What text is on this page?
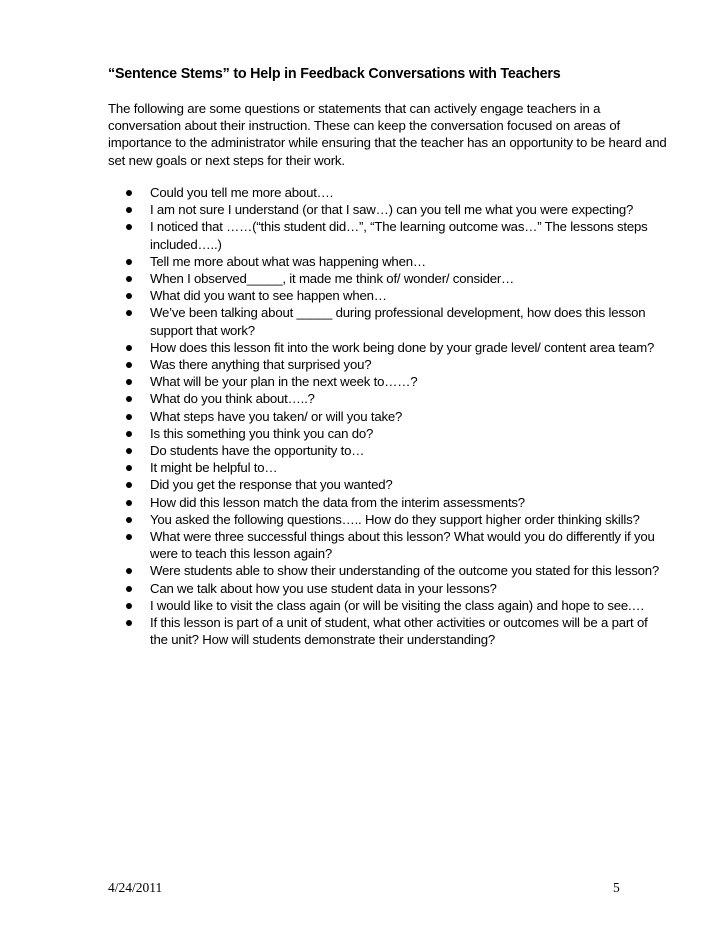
“Sentence Stems” to Help in Feedback Conversations with Teachers
The following are some questions or statements that can actively engage teachers in a
conversation about their instruction. These can keep the conversation focused on areas of
importance to the administrator while ensuring that the teacher has an opportunity to be heard and
set new goals or next steps for their work.
Could you tell me more about….
I am not sure I understand (or that I saw…) can you tell me what you were expecting?
I noticed that ……(“this student did…”, “The learning outcome was…” The lessons steps
included…..)
Tell me more about what was happening when…
When I observed_____, it made me think of/ wonder/ consider…
What did you want to see happen when…
We’ve been talking about _____ during professional development, how does this lesson
support that work?
How does this lesson fit into the work being done by your grade level/ content area team?
Was there anything that surprised you?
What will be your plan in the next week to……?
What do you think about…..?
What steps have you taken/ or will you take?
Is this something you think you can do?
Do students have the opportunity to…
It might be helpful to…
Did you get the response that you wanted?
How did this lesson match the data from the interim assessments?
You asked the following questions….. How do they support higher order thinking skills?
What were three successful things about this lesson? What would you do differently if you
were to teach this lesson again?
Were students able to show their understanding of the outcome you stated for this lesson?
Can we talk about how you use student data in your lessons?
I would like to visit the class again (or will be visiting the class again) and hope to see.…
If this lesson is part of a unit of student, what other activities or outcomes will be a part of
the unit? How will students demonstrate their understanding?
4/24/2011	5
